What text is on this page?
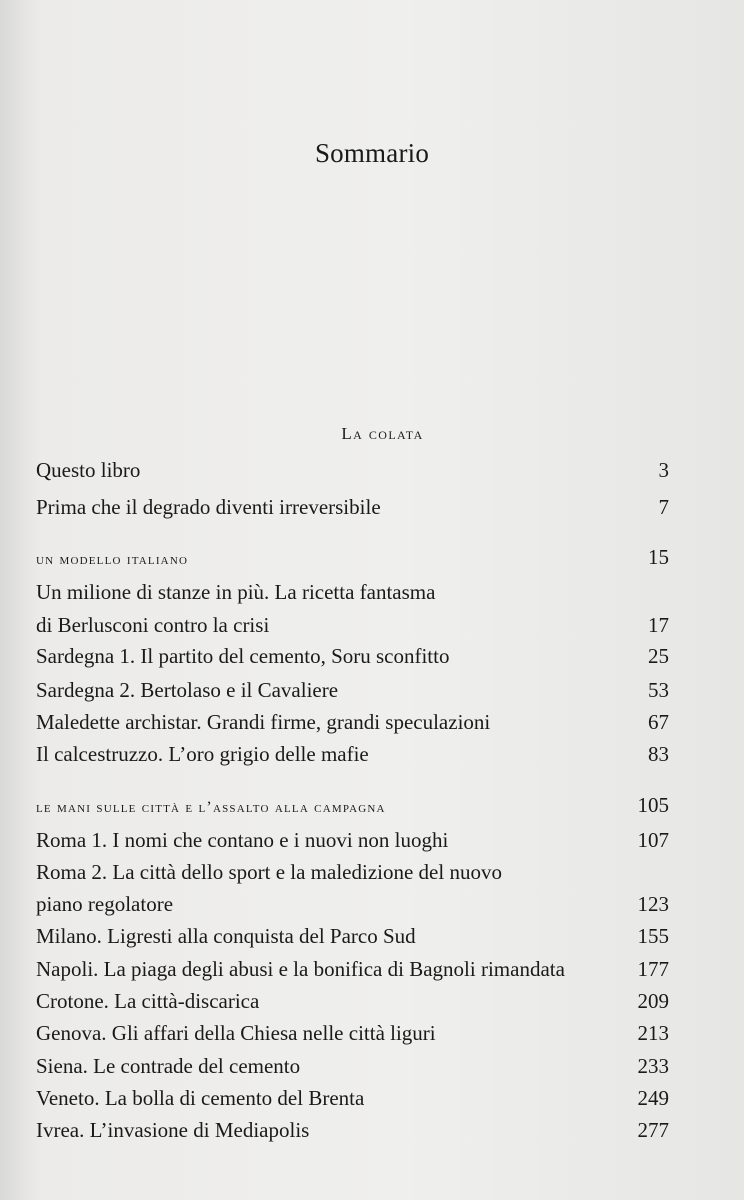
Sommario
La colata
Questo libro	3
Prima che il degrado diventi irreversibile	7
un modello italiano	15
Un milione di stanze in più. La ricetta fantasma
di Berlusconi contro la crisi	17
Sardegna 1. Il partito del cemento, Soru sconfitto	25
Sardegna 2. Bertolaso e il Cavaliere	53
Maledette archistar. Grandi firme, grandi speculazioni	67
Il calcestruzzo. L’oro grigio delle mafie	83
le mani sulle città e l’assalto alla campagna	105
Roma 1. I nomi che contano e i nuovi non luoghi	107
Roma 2. La città dello sport e la maledizione del nuovo
piano regolatore	123
Milano. Ligresti alla conquista del Parco Sud	155
Napoli. La piaga degli abusi e la bonifica di Bagnoli rimandata	177
Crotone. La città-discarica	209
Genova. Gli affari della Chiesa nelle città liguri	213
Siena. Le contrade del cemento	233
Veneto. La bolla di cemento del Brenta	249
Ivrea. L’invasione di Mediapolis	277
